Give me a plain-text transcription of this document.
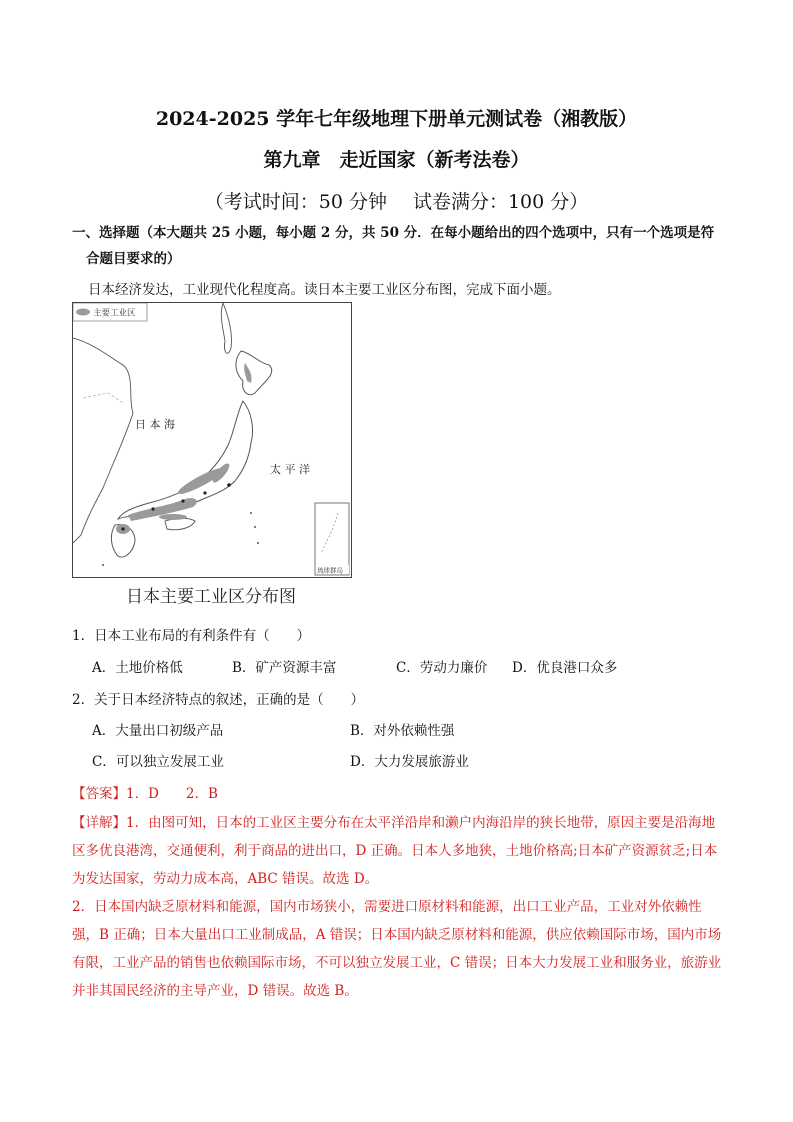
2024-2025 学年七年级地理下册单元测试卷（湘教版）
第九章　走近国家（新考法卷）
（考试时间：50 分钟 试卷满分：100 分）
一、选择题（本大题共 25 小题，每小题 2 分，共 50 分．在每小题给出的四个选项中，只有一个选项是符
合题目要求的）
日本经济发达，工业现代化程度高。读日本主要工业区分布图，完成下面小题。
主要工业区
琉球群岛
日 本 海
太 平 洋
日本主要工业区分布图
1．日本工业布局的有利条件有（　　）
A．土地价格低	B．矿产资源丰富	C．劳动力廉价 D．优良港口众多
2．关于日本经济特点的叙述，正确的是（　　）
A．大量出口初级产品	B．对外依赖性强
C．可以独立发展工业	D．大力发展旅游业
【答案】1．D　　2．B

【详解】1．由图可知，日本的工业区主要分布在太平洋沿岸和濑户内海沿岸的狭长地带，原因主要是沿海地区多优良港湾，交通便利，利于商品的进出口，D 正确。日本人多地狭，土地价格高;日本矿产资源贫乏;日本为发达国家，劳动力成本高，ABC 错误。故选 D。

2．日本国内缺乏原材料和能源，国内市场狭小，需要进口原材料和能源，出口工业产品，工业对外依赖性强，B 正确；日本大量出口工业制成品，A 错误；日本国内缺乏原材料和能源，供应依赖国际市场，国内市场有限，工业产品的销售也依赖国际市场，不可以独立发展工业，C 错误；日本大力发展工业和服务业，旅游业并非其国民经济的主导产业，D 错误。故选 B。
